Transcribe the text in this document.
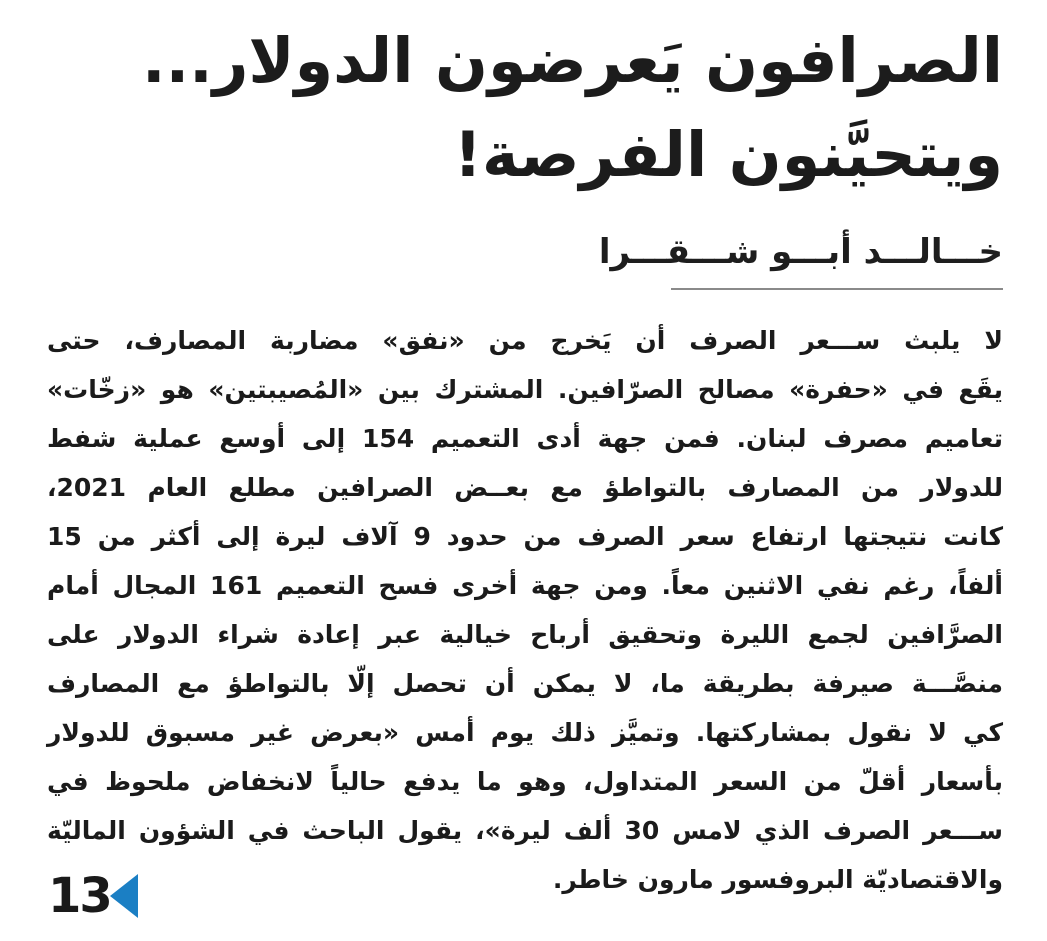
الصرافون يَعرضون الدولار...
ويتحيَّنون الفرصة!
خـــالـــد أبـــو شـــقـــرا
لا يلبث ســـعر الصرف أن يَخرج من «نفق» مضاربة المصارف، حتى
يقَع في «حفرة» مصالح الصرّافين. المشترك بين «المُصيبتين» هو «زخّات»
تعاميم مصرف لبنان. فمن جهة أدى التعميم 154 إلى أوسع عملية شفط
للدولار من المصارف بالتواطؤ مع بعــض الصرافين مطلع العام 2021،
كانت نتيجتها ارتفاع سعر الصرف من حدود 9 آلاف ليرة إلى أكثر من 15
ألفاً، رغم نفي الاثنين معاً. ومن جهة أخرى فسح التعميم 161 المجال أمام
الصرَّافين لجمع الليرة وتحقيق أرباح خيالية عبر إعادة شراء الدولار على
منصَّـــة صيرفة بطريقة ما، لا يمكن أن تحصل إلّا بالتواطؤ مع المصارف
كي لا نقول بمشاركتها. وتميَّز ذلك يوم أمس «بعرض غير مسبوق للدولار
بأسعار أقلّ من السعر المتداول، وهو ما يدفع حالياً لانخفاض ملحوظ في
ســـعر الصرف الذي لامس 30 ألف ليرة»، يقول الباحث في الشؤون الماليّة
والاقتصاديّة البروفسور مارون خاطر.
13
